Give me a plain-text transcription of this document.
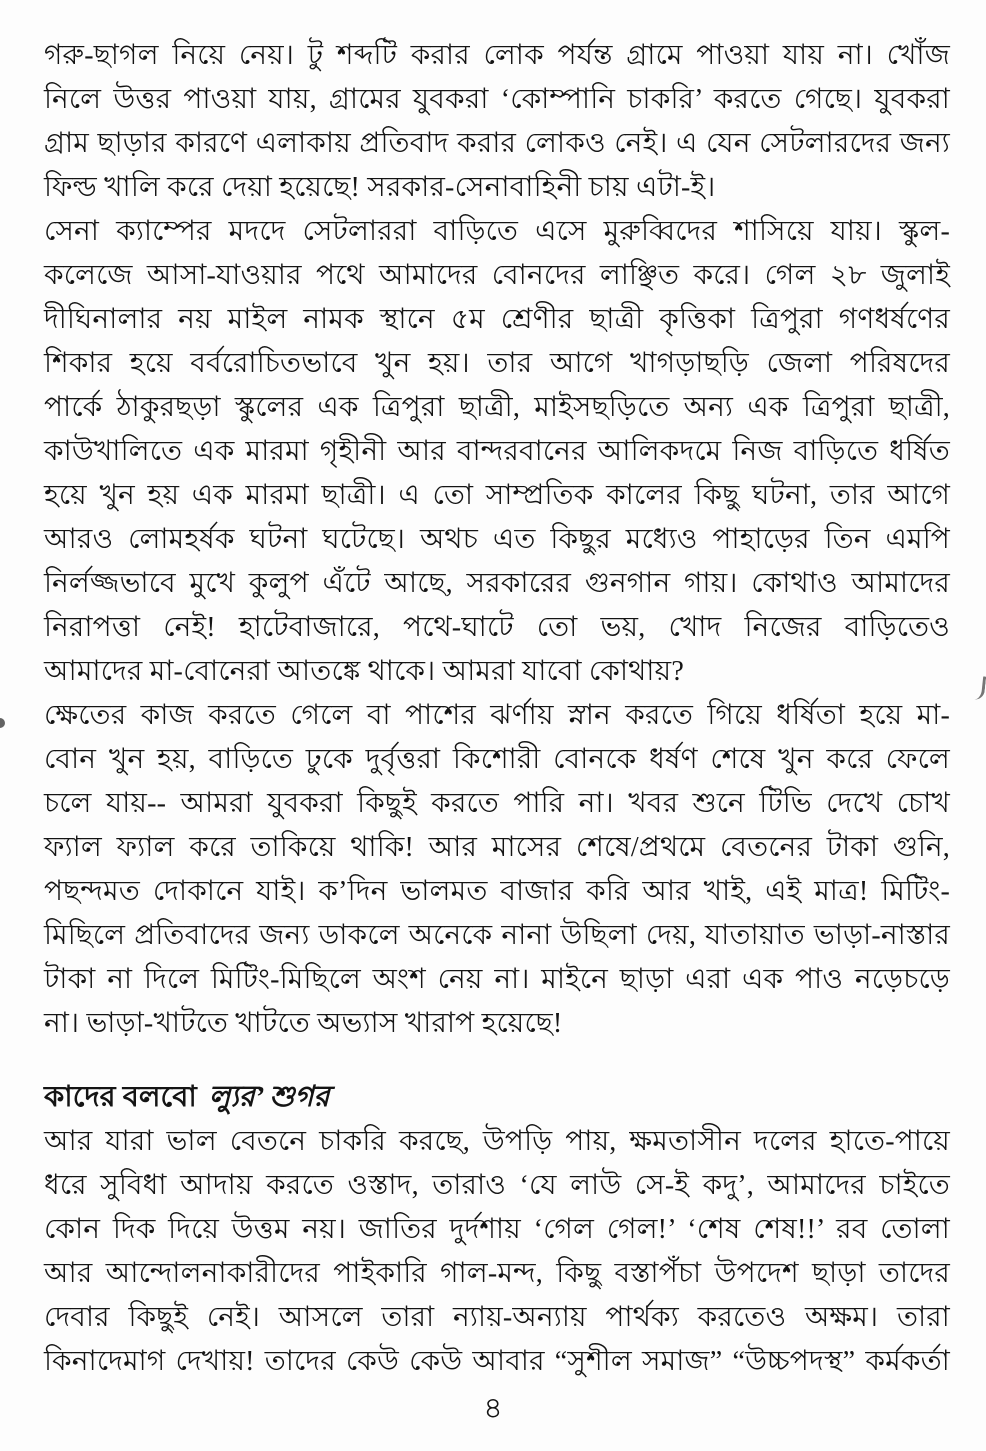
গরু-ছাগল নিয়ে নেয়। টু শব্দটি করার লোক পর্যন্ত গ্রামে পাওয়া যায় না। খোঁজ

নিলে উত্তর পাওয়া যায়, গ্রামের যুবকরা ‘কোম্পানি চাকরি’ করতে গেছে। যুবকরা

গ্রাম ছাড়ার কারণে এলাকায় প্রতিবাদ করার লোকও নেই। এ যেন সেটলারদের জন্য

ফিল্ড খালি করে দেয়া হয়েছে! সরকার-সেনাবাহিনী চায় এটা-ই।

সেনা ক্যাম্পের মদদে সেটলাররা বাড়িতে এসে মুরুব্বিদের শাসিয়ে যায়। স্কুল-

কলেজে আসা-যাওয়ার পথে আমাদের বোনদের লাঞ্ছিত করে। গেল ২৮ জুলাই

দীঘিনালার নয় মাইল নামক স্থানে ৫ম শ্রেণীর ছাত্রী কৃত্তিকা ত্রিপুরা গণধর্ষণের

শিকার হয়ে বর্বরোচিতভাবে খুন হয়। তার আগে খাগড়াছড়ি জেলা পরিষদের

পার্কে ঠাকুরছড়া স্কুলের এক ত্রিপুরা ছাত্রী, মাইসছড়িতে অন্য এক ত্রিপুরা ছাত্রী,

কাউখালিতে এক মারমা গৃহীনী আর বান্দরবানের আলিকদমে নিজ বাড়িতে ধর্ষিত

হয়ে খুন হয় এক মারমা ছাত্রী। এ তো সাম্প্রতিক কালের কিছু ঘটনা, তার আগে

আরও লোমহর্ষক ঘটনা ঘটেছে। অথচ এত কিছুর মধ্যেও পাহাড়ের তিন এমপি

নির্লজ্জভাবে মুখে কুলুপ এঁটে আছে, সরকারের গুনগান গায়। কোথাও আমাদের

নিরাপত্তা নেই! হাটেবাজারে, পথে-ঘাটে তো ভয়, খোদ নিজের বাড়িতেও

আমাদের মা-বোনেরা আতঙ্কে থাকে। আমরা যাবো কোথায়?

ক্ষেতের কাজ করতে গেলে বা পাশের ঝর্ণায় স্নান করতে গিয়ে ধর্ষিতা হয়ে মা-

বোন খুন হয়, বাড়িতে ঢুকে দুর্বৃত্তরা কিশোরী বোনকে ধর্ষণ শেষে খুন করে ফেলে

চলে যায়-- আমরা যুবকরা কিছুই করতে পারি না। খবর শুনে টিভি দেখে চোখ

ফ্যাল ফ্যাল করে তাকিয়ে থাকি! আর মাসের শেষে/প্রথমে বেতনের টাকা গুনি,

পছন্দমত দোকানে যাই। ক’দিন ভালমত বাজার করি আর খাই, এই মাত্র! মিটিং-

মিছিলে প্রতিবাদের জন্য ডাকলে অনেকে নানা উছিলা দেয়, যাতায়াত ভাড়া-নাস্তার

টাকা না দিলে মিটিং-মিছিলে অংশ নেয় না। মাইনে ছাড়া এরা এক পাও নড়েচড়ে

না। ভাড়া-খাটতে খাটতে অভ্যাস খারাপ হয়েছে!

কাদের বলবো ল্যুর’ শুগর

আর যারা ভাল বেতনে চাকরি করছে, উপড়ি পায়, ক্ষমতাসীন দলের হাতে-পায়ে

ধরে সুবিধা আদায় করতে ওস্তাদ, তারাও ‘যে লাউ সে-ই কদু’, আমাদের চাইতে

কোন দিক দিয়ে উত্তম নয়। জাতির দুর্দশায় ‘গেল গেল!’ ‘শেষ শেষ!!’ রব তোলা

আর আন্দোলনাকারীদের পাইকারি গাল-মন্দ, কিছু বস্তাপঁচা উপদেশ ছাড়া তাদের

দেবার কিছুই নেই। আসলে তারা ন্যায়-অন্যায় পার্থক্য করতেও অক্ষম। তারা

কিনাদেমাগ দেখায়! তাদের কেউ কেউ আবার “সুশীল সমাজ” “উচ্চপদস্থ” কর্মকর্তা

৪
